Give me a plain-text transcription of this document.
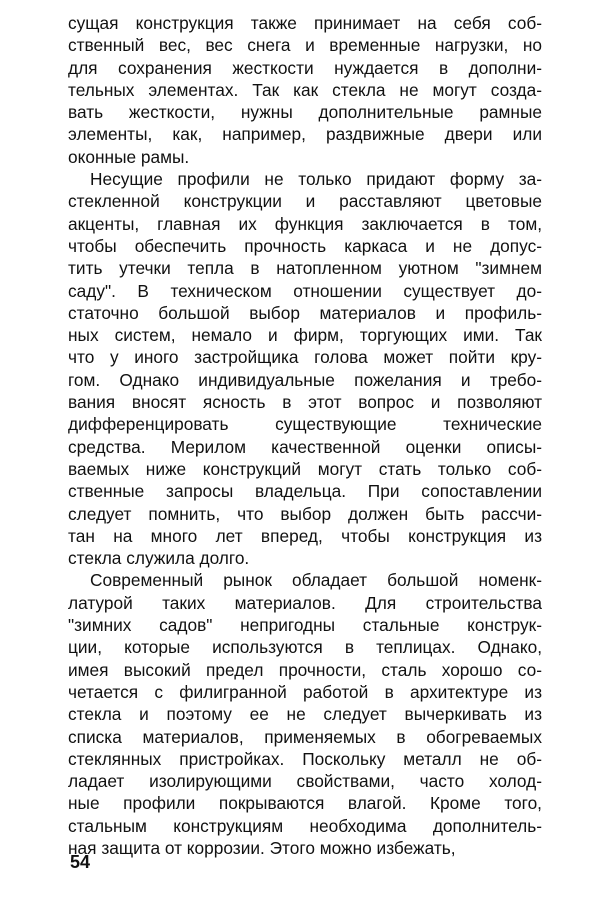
сущая конструкция также принимает на себя соб-
ственный вес, вес снега и временные нагрузки, но
для сохранения жесткости нуждается в дополни-
тельных элементах. Так как стекла не могут созда-
вать жесткости, нужны дополнительные рамные
элементы, как, например, раздвижные двери или
оконные рамы.
Несущие профили не только придают форму за-
стекленной конструкции и расставляют цветовые
акценты, главная их функция заключается в том,
чтобы обеспечить прочность каркаса и не допус-
тить утечки тепла в натопленном уютном "зимнем
саду". В техническом отношении существует до-
статочно большой выбор материалов и профиль-
ных систем, немало и фирм, торгующих ими. Так
что у иного застройщика голова может пойти кру-
гом. Однако индивидуальные пожелания и требо-
вания вносят ясность в этот вопрос и позволяют
дифференцировать существующие технические
средства. Мерилом качественной оценки описы-
ваемых ниже конструкций могут стать только соб-
ственные запросы владельца. При сопоставлении
следует помнить, что выбор должен быть рассчи-
тан на много лет вперед, чтобы конструкция из
стекла служила долго.
Современный рынок обладает большой номенк-
латурой таких материалов. Для строительства
"зимних садов" непригодны стальные конструк-
ции, которые используются в теплицах. Однако,
имея высокий предел прочности, сталь хорошо со-
четается с филигранной работой в архитектуре из
стекла и поэтому ее не следует вычеркивать из
списка материалов, применяемых в обогреваемых
стеклянных пристройках. Поскольку металл не об-
ладает изолирующими свойствами, часто холод-
ные профили покрываются влагой. Кроме того,
стальным конструкциям необходима дополнитель-
ная защита от коррозии. Этого можно избежать,
54
